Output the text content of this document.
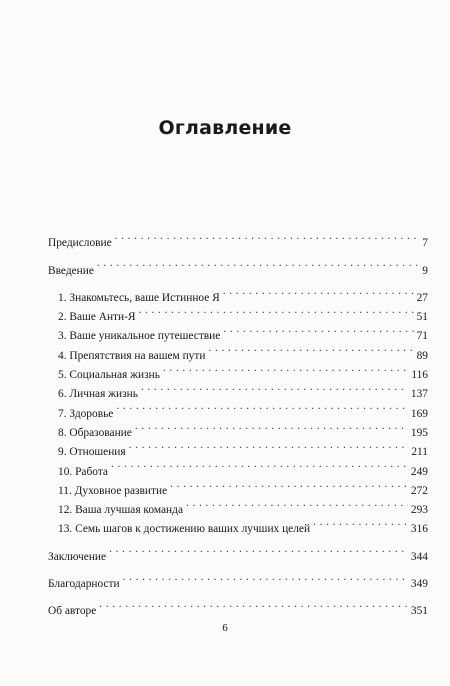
Оглавление
Предисловие . . .	7
Введение . . .	9
1. Знакомьтесь, ваше Истинное Я . . .	27
2. Ваше Анти-Я . . .	51
3. Ваше уникальное путешествие . . .	71
4. Препятствия на вашем пути . . .	89
5. Социальная жизнь . . .	116
6. Личная жизнь . . .	137
7. Здоровье . . .	169
8. Образование . . .	195
9. Отношения . . .	211
10. Работа . . .	249
11. Духовное развитие . . .	272
12. Ваша лучшая команда . . .	293
13. Семь шагов к достижению ваших лучших целей . . .	316
Заключение . . .	344
Благодарности . . .	349
Об авторе . . .	351
6
